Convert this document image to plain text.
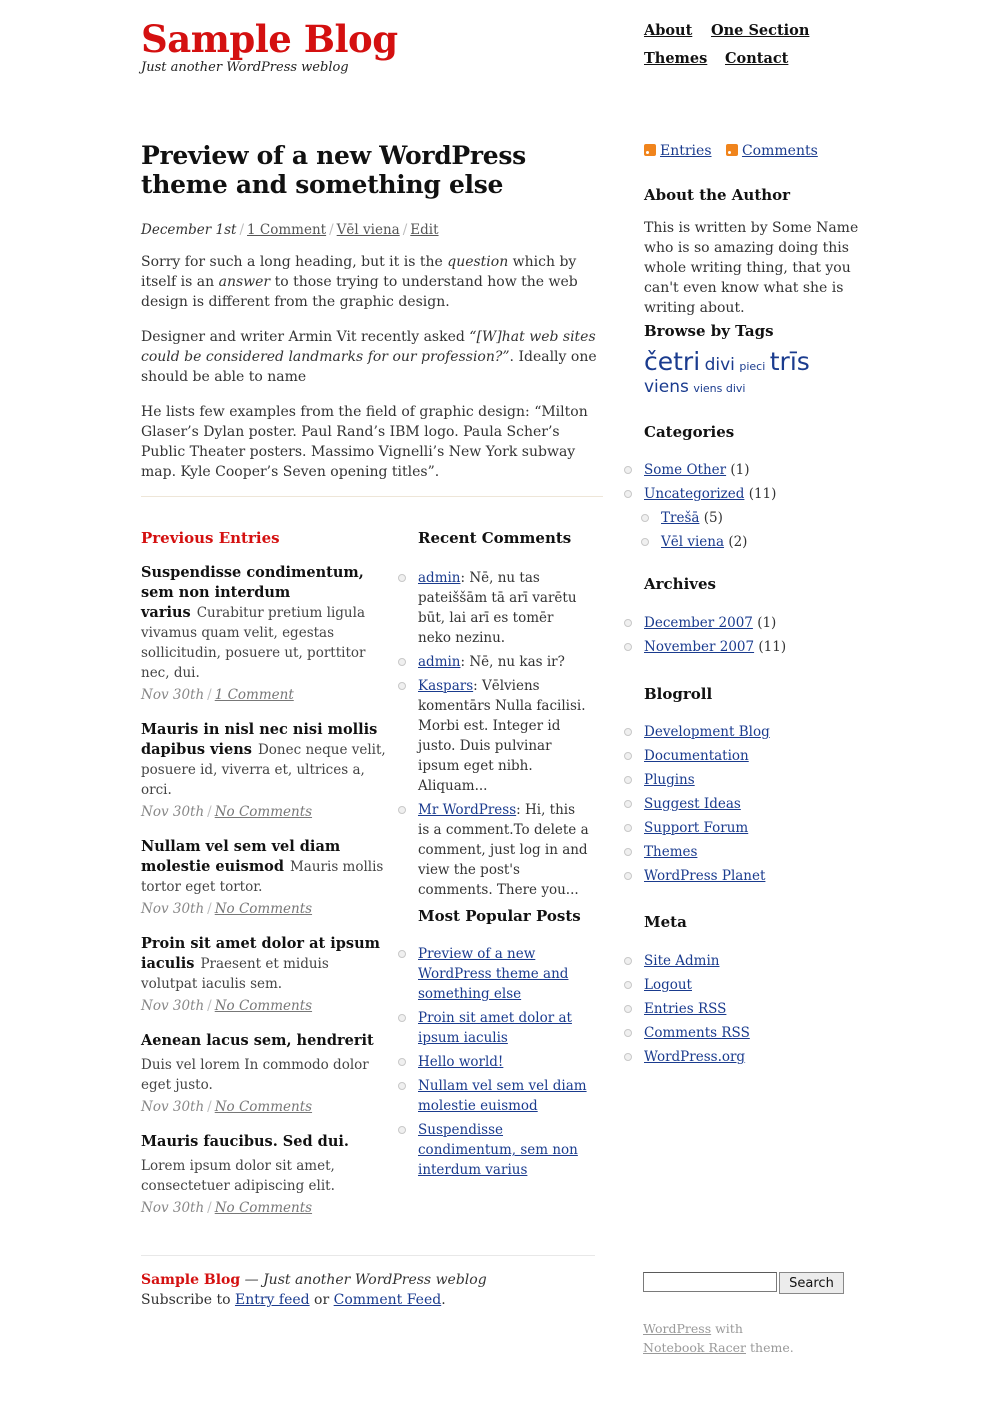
Sample Blog
Just another WordPress weblog
About One Section
Themes Contact
Preview of a new WordPress theme and something else
December 1st / 1 Comment / Vēl viena / Edit

Sorry for such a long heading, but it is the question which by itself is an answer to those trying to understand how the web design is different from the graphic design.

Designer and writer Armin Vit recently asked “[W]hat web sites could be considered landmarks for our profession?”. Ideally one should be able to name

He lists few examples from the field of graphic design: “Milton Glaser’s Dylan poster. Paul Rand’s IBM logo. Paula Scher’s Public Theater posters. Massimo Vignelli’s New York subway map. Kyle Cooper’s Seven opening titles”.

Previous Entries
Suspendisse condimentum, sem non interdum varius Curabitur pretium ligula vivamus quam velit, egestas sollicitudin, posuere ut, porttitor nec, dui.
Nov 30th / 1 Comment
Mauris in nisl nec nisi mollis dapibus viens Donec neque velit, posuere id, viverra et, ultrices a, orci.
Nov 30th / No Comments
Nullam vel sem vel diam molestie euismod Mauris mollis tortor eget tortor.
Nov 30th / No Comments
Proin sit amet dolor at ipsum iaculis Praesent et miduis volutpat iaculis sem.
Nov 30th / No Comments
Aenean lacus sem, hendrerit
Duis vel lorem In commodo dolor eget justo.
Nov 30th / No Comments
Mauris faucibus. Sed dui.
Lorem ipsum dolor sit amet, consectetuer adipiscing elit.
Nov 30th / No Comments
Recent Comments
admin: Nē, nu tas pateiššām tā arī varētu būt, lai arī es tomēr neko nezinu.
admin: Nē, nu kas ir?
Kaspars: Vēlviens komentārs Nulla facilisi. Morbi est. Integer id justo. Duis pulvinar ipsum eget nibh. Aliquam...
Mr WordPress: Hi, this is a comment.To delete a comment, just log in and view the post's comments. There you...
Most Popular Posts
Preview of a new WordPress theme and something else
Proin sit amet dolor at ipsum iaculis
Hello world!
Nullam vel sem vel diam molestie euismod
Suspendisse condimentum, sem non interdum varius
Entries Comments
About the Author
This is written by Some Name who is so amazing doing this whole writing thing, that you can't even know what she is writing about.
Browse by Tags
četri divi pieci trīs
viens viens divi
Categories
Some Other (1)
Uncategorized (11)
Trešā (5)
Vēl viena (2)
Archives
December 2007 (1)
November 2007 (11)
Blogroll
Development Blog
Documentation
Plugins
Suggest Ideas
Support Forum
Themes
WordPress Planet
Meta
Site Admin
Logout
Entries RSS
Comments RSS
WordPress.org
Sample Blog — Just another WordPress weblog
Subscribe to Entry feed or Comment Feed.
Search
WordPress with
Notebook Racer theme.
